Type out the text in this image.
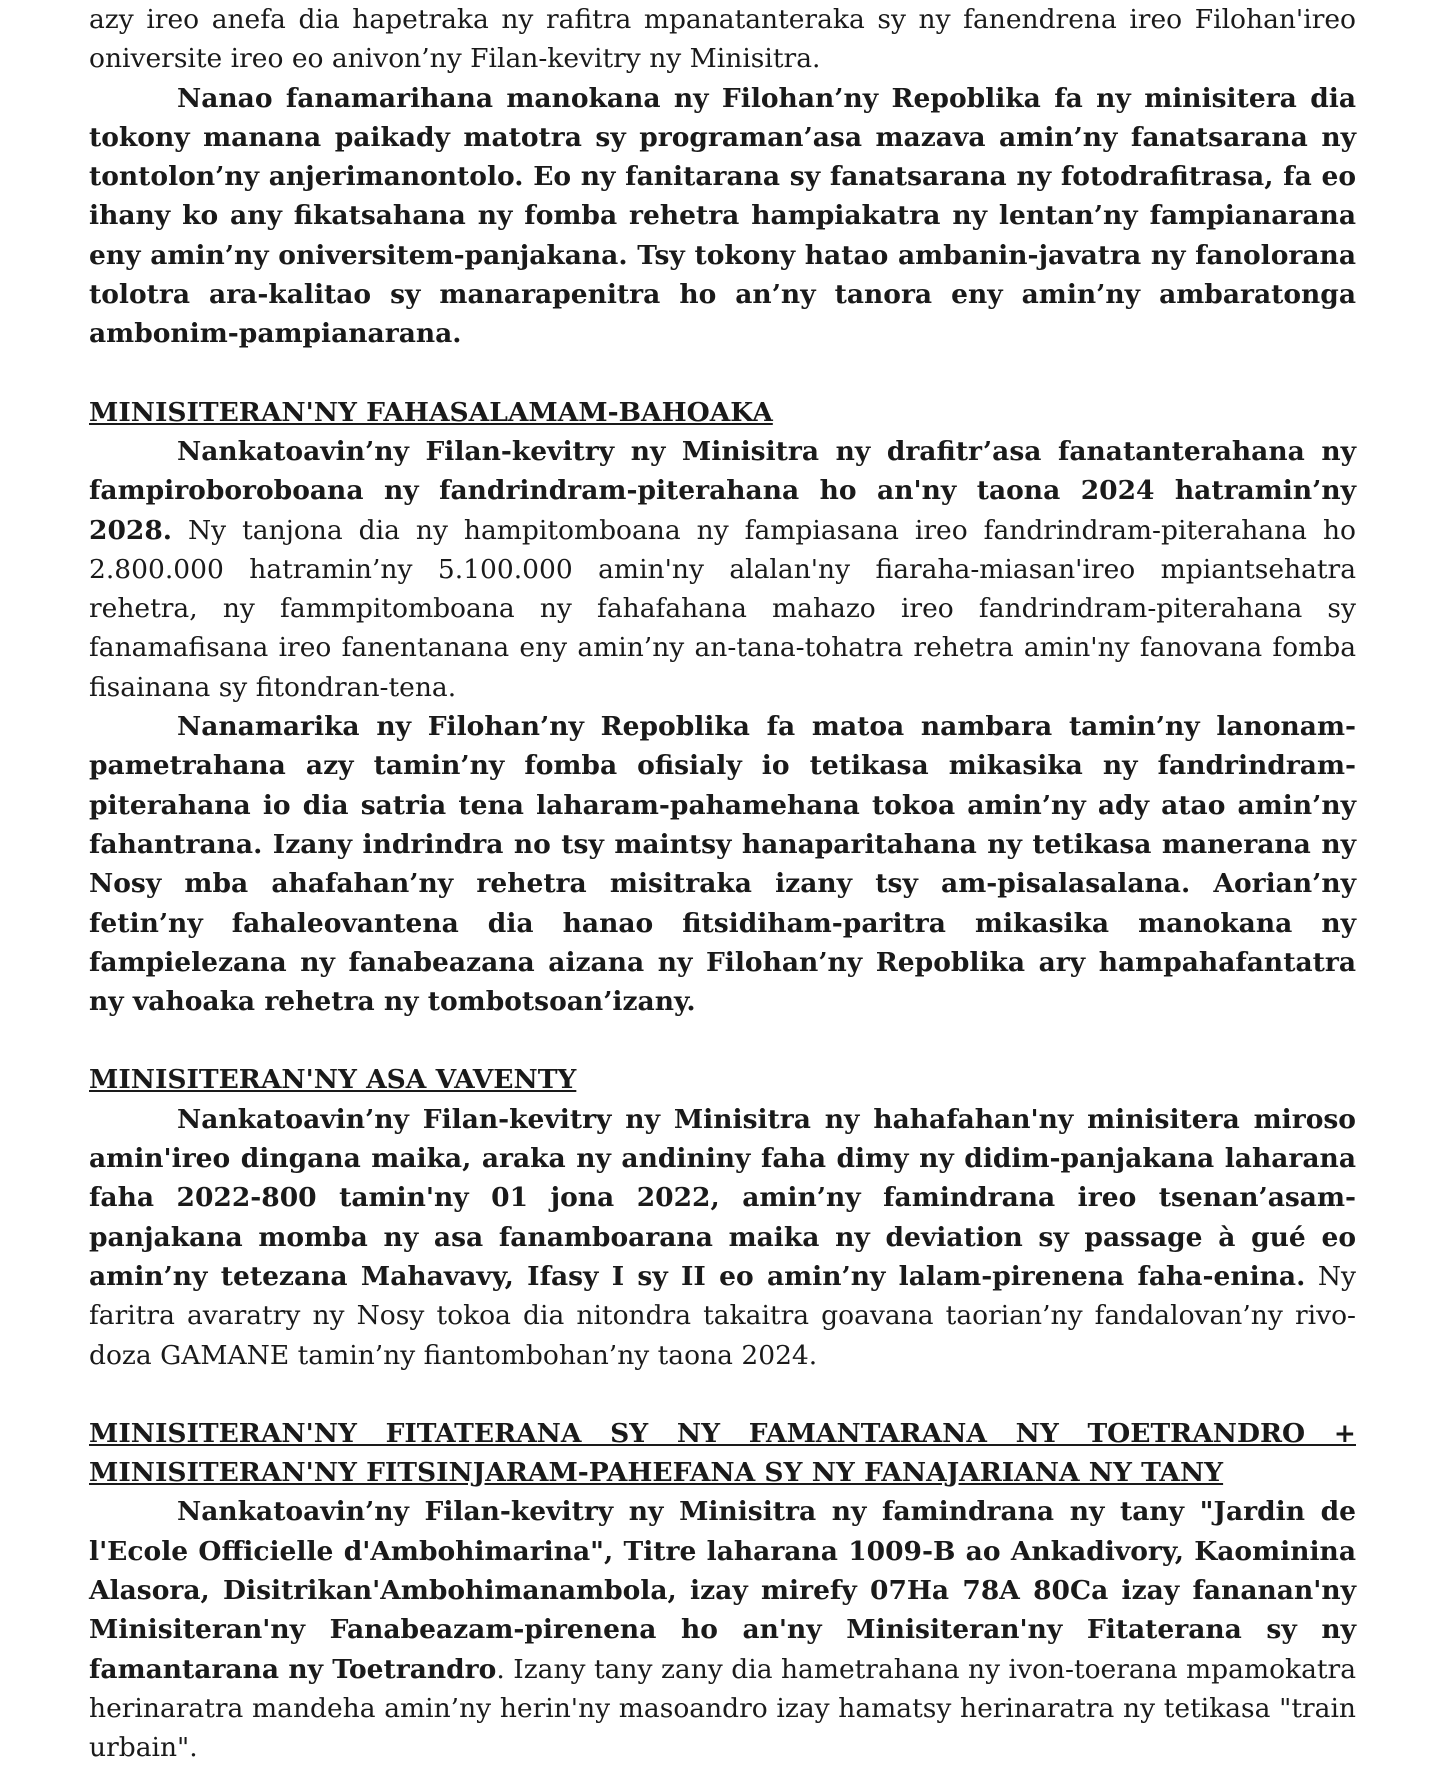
azy ireo anefa dia hapetraka ny rafitra mpanatanteraka sy ny fanendrena ireo Filohan'ireo oniversite ireo eo anivon’ny Filan-kevitry ny Minisitra.

Nanao fanamarihana manokana ny Filohan’ny Repoblika fa ny minisitera dia tokony manana paikady matotra sy programan’asa mazava amin’ny fanatsarana ny tontolon’ny anjerimanontolo. Eo ny fanitarana sy fanatsarana ny fotodrafitrasa, fa eo ihany ko any fikatsahana ny fomba rehetra hampiakatra ny lentan’ny fampianarana eny amin’ny oniversitem-panjakana. Tsy tokony hatao ambanin-javatra ny fanolorana tolotra ara-kalitao sy manarapenitra ho an’ny tanora eny amin’ny ambaratonga ambonim-pampianarana.

MINISITERAN'NY FAHASALAMAM-BAHOAKA

Nankatoavin’ny Filan-kevitry ny Minisitra ny drafitr’asa fanatanterahana ny fampiroboroboana ny fandrindram-piterahana ho an'ny taona 2024 hatramin’ny 2028. Ny tanjona dia ny hampitomboana ny fampiasana ireo fandrindram-piterahana ho 2.800.000 hatramin’ny 5.100.000 amin'ny alalan'ny fiaraha-miasan'ireo mpiantsehatra rehetra, ny fammpitomboana ny fahafahana mahazo ireo fandrindram-piterahana sy fanamafisana ireo fanentanana eny amin’ny an-tana-tohatra rehetra amin'ny fanovana fomba fisainana sy fitondran-tena.

Nanamarika ny Filohan’ny Repoblika fa matoa nambara tamin’ny lanonam-pametrahana azy tamin’ny fomba ofisialy io tetikasa mikasika ny fandrindram-piterahana io dia satria tena laharam-pahamehana tokoa amin’ny ady atao amin’ny fahantrana. Izany indrindra no tsy maintsy hanaparitahana ny tetikasa manerana ny Nosy mba ahafahan’ny rehetra misitraka izany tsy am-pisalasalana. Aorian’ny fetin’ny fahaleovantena dia hanao fitsidiham-paritra mikasika manokana ny fampielezana ny fanabeazana aizana ny Filohan’ny Repoblika ary hampahafantatra ny vahoaka rehetra ny tombotsoan’izany.

MINISITERAN'NY ASA VAVENTY

Nankatoavin’ny Filan-kevitry ny Minisitra ny hahafahan'ny minisitera miroso amin'ireo dingana maika, araka ny andininy faha dimy ny didim-panjakana laharana faha 2022-800 tamin'ny 01 jona 2022, amin’ny famindrana ireo tsenan’asam-panjakana momba ny asa fanamboarana maika ny deviation sy passage à gué eo amin’ny tetezana Mahavavy, Ifasy I sy II eo amin’ny lalam-pirenena faha-enina. Ny faritra avaratry ny Nosy tokoa dia nitondra takaitra goavana taorian’ny fandalovan’ny rivo-doza GAMANE tamin’ny fiantombohan’ny taona 2024.

MINISITERAN'NY FITATERANA SY NY FAMANTARANA NY TOETRANDRO +

MINISITERAN'NY FITSINJARAM-PAHEFANA SY NY FANAJARIANA NY TANY

Nankatoavin’ny Filan-kevitry ny Minisitra ny famindrana ny tany "Jardin de l'Ecole Officielle d'Ambohimarina", Titre laharana 1009-B ao Ankadivory, Kaominina Alasora, Disitrikan'Ambohimanambola, izay mirefy 07Ha 78A 80Ca izay fananan'ny Minisiteran'ny Fanabeazam-pirenena ho an'ny Minisiteran'ny Fitaterana sy ny famantarana ny Toetrandro. Izany tany zany dia hametrahana ny ivon-toerana mpamokatra herinaratra mandeha amin’ny herin'ny masoandro izay hamatsy herinaratra ny tetikasa "train urbain".
